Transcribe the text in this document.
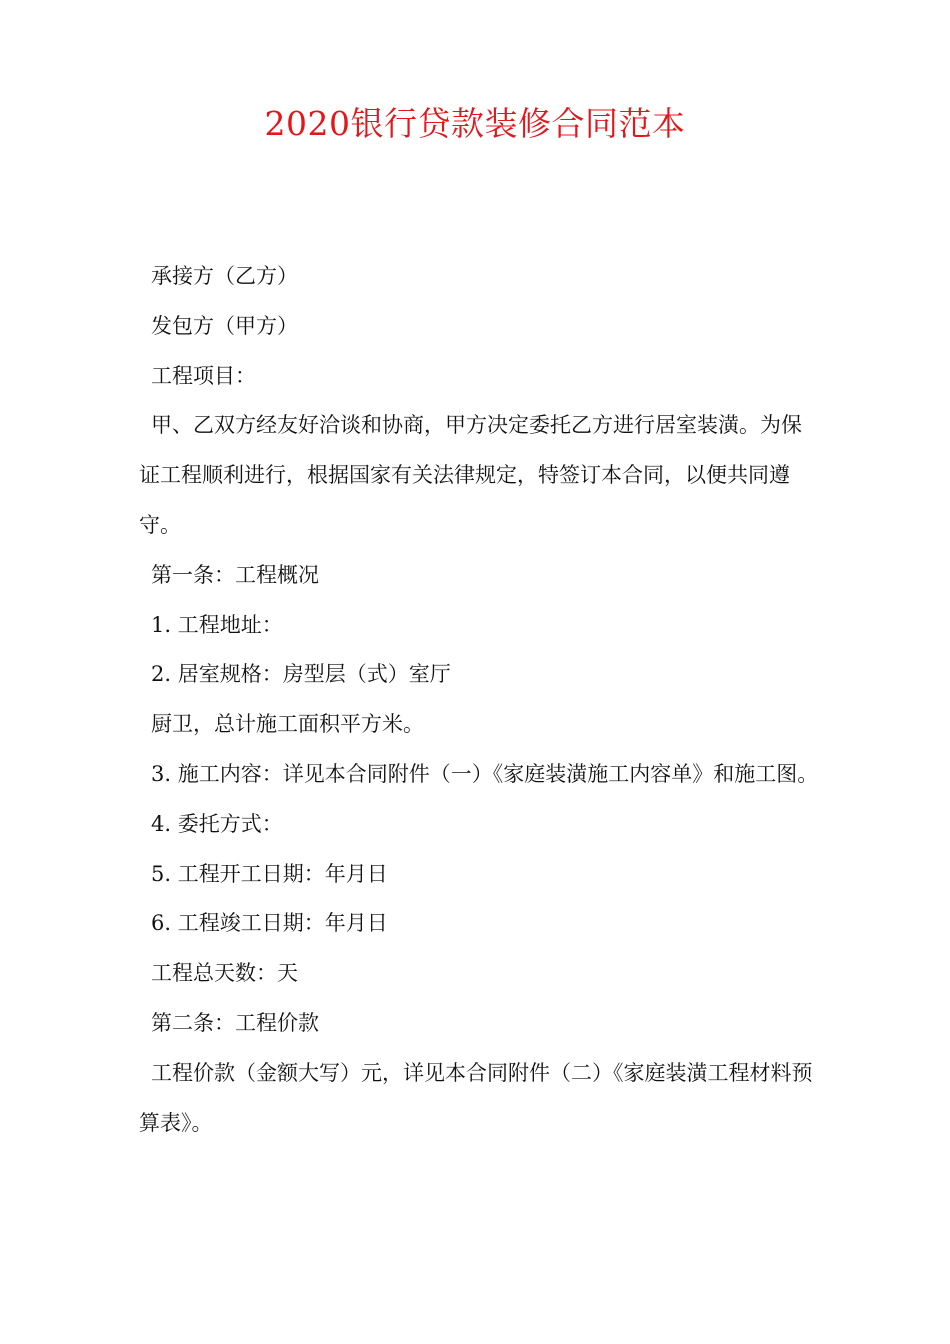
2020银行贷款装修合同范本

承接方（乙方）

发包方（甲方）

工程项目：

甲、乙双方经友好洽谈和协商，甲方决定委托乙方进行居室装潢。为保证工程顺利进行，根据国家有关法律规定，特签订本合同，以便共同遵守。

第一条：工程概况

1. 工程地址：

2. 居室规格：房型层（式）室厅

厨卫，总计施工面积平方米。

3. 施工内容：详见本合同附件（一）《家庭装潢施工内容单》和施工图。

4. 委托方式：

5. 工程开工日期：年月日

6. 工程竣工日期：年月日

工程总天数：天

第二条：工程价款

工程价款（金额大写）元，详见本合同附件（二）《家庭装潢工程材料预算表》。
